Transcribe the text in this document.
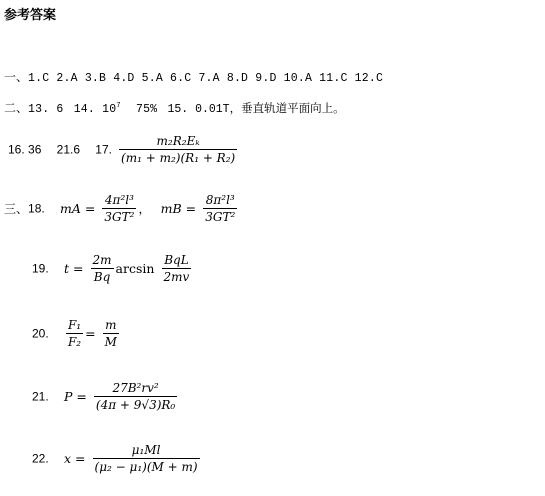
参考答案
一、1.C 2.A 3.B 4.D 5.A 6.C 7.A 8.D 9.D 10.A 11.C 12.C
二、13. 6 14. $10^7$ 75% 15. 0.01T，垂直轨道平面向上。
16. 36 21.6 17. $\frac{\text{m₂R₂Eₖ}}{\text{(m₁ + m₂)(R₁ + R₂)}}$
三、18. mA = $\frac{\text{4π²l³}}{\text{3GT²}}$ ， mB = $\frac{\text{8π²l³}}{\text{3GT²}}$
19. $t = \frac{2m}{Bq}$ $\arcsin \frac{\text{BqL}}{2mv}$
20. $\frac{\text{F₁}}{\text{F₂}} = \frac{m}{M}$
21. $P = \frac{\text{27B²rv²}}{\text{(4π + 9√3)R₀}}$
22. $x = \frac{\text{μ₁Ml}}{\text{(μ₂ − μ₁)(M + m)}}$
